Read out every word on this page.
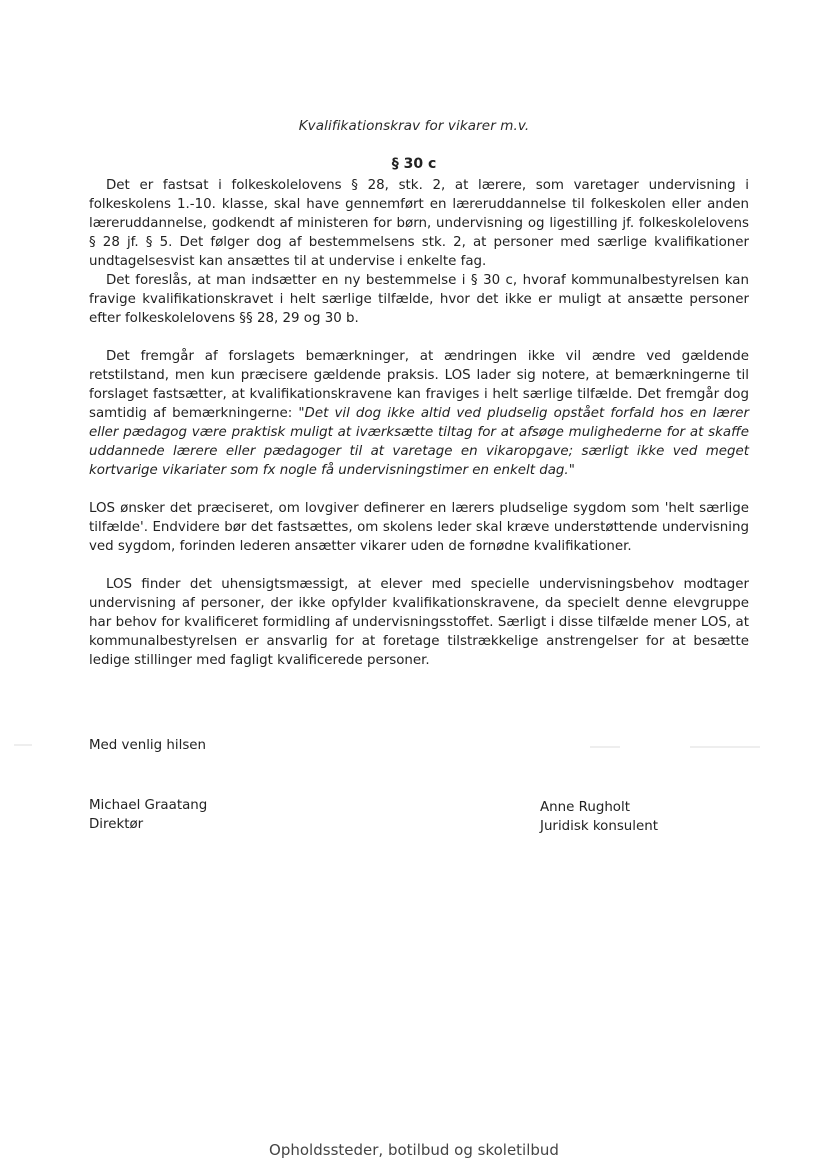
Kvalifikationskrav for vikarer m.v.
§ 30 c

Det er fastsat i folkeskolelovens § 28, stk. 2, at lærere, som varetager undervisning i folkeskolens 1.-10. klasse, skal have gennemført en læreruddannelse til folkeskolen eller anden læreruddannelse, godkendt af ministeren for børn, undervisning og ligestilling jf. folkeskolelovens § 28 jf. § 5. Det følger dog af bestemmelsens stk. 2, at personer med særlige kvalifikationer undtagelsesvist kan ansættes til at undervise i enkelte fag.

Det foreslås, at man indsætter en ny bestemmelse i § 30 c, hvoraf kommunalbestyrelsen kan fravige kvalifikationskravet i helt særlige tilfælde, hvor det ikke er muligt at ansætte personer efter folkeskolelovens §§ 28, 29 og 30 b.

Det fremgår af forslagets bemærkninger, at ændringen ikke vil ændre ved gældende retstilstand, men kun præcisere gældende praksis. LOS lader sig notere, at bemærkningerne til forslaget fastsætter, at kvalifikationskravene kan fraviges i helt særlige tilfælde. Det fremgår dog samtidig af bemærkningerne: "Det vil dog ikke altid ved pludselig opstået forfald hos en lærer eller pædagog være praktisk muligt at iværksætte tiltag for at afsøge mulighederne for at skaffe uddannede lærere eller pædagoger til at varetage en vikaropgave; særligt ikke ved meget kortvarige vikariater som fx nogle få undervisningstimer en enkelt dag."

LOS ønsker det præciseret, om lovgiver definerer en lærers pludselige sygdom som 'helt særlige tilfælde'. Endvidere bør det fastsættes, om skolens leder skal kræve understøttende undervisning ved sygdom, forinden lederen ansætter vikarer uden de fornødne kvalifikationer.

LOS finder det uhensigtsmæssigt, at elever med specielle undervisningsbehov modtager undervisning af personer, der ikke opfylder kvalifikationskravene, da specielt denne elevgruppe har behov for kvalificeret formidling af undervisningsstoffet. Særligt i disse tilfælde mener LOS, at kommunalbestyrelsen er ansvarlig for at foretage tilstrækkelige anstrengelser for at besætte ledige stillinger med fagligt kvalificerede personer.

Med venlig hilsen
Michael Graatang
Direktør
Anne Rugholt
Juridisk konsulent
Opholdssteder, botilbud og skoletilbud
